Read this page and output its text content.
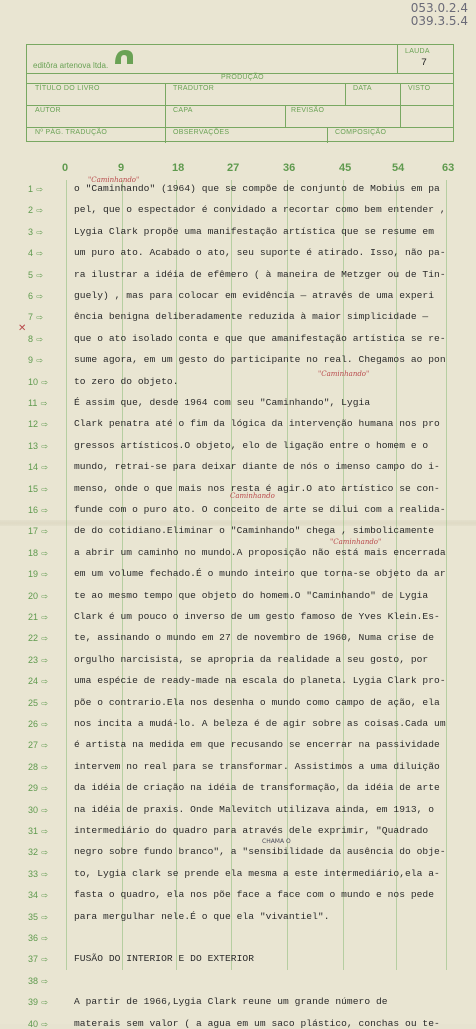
053.0.2.4
039.3.5.4
editôra artenova ltda.
LAUDA
7
PRODUÇÃO
TÍTULO DO LIVRO	TRADUTOR	DATA	VISTO
AUTOR	CAPA	REVISÃO
Nº PÁG. TRADUÇÃO	OBSERVAÇÕES	COMPOSIÇÃO
0	9	18	27	36	45	54	63
1 ⇨
2 ⇨
3 ⇨
4 ⇨
5 ⇨
6 ⇨
7 ⇨
8 ⇨
9 ⇨
10 ⇨
11 ⇨
12 ⇨
13 ⇨
14 ⇨
15 ⇨
16 ⇨
17 ⇨
18 ⇨
19 ⇨
20 ⇨
21 ⇨
22 ⇨
23 ⇨
24 ⇨
25 ⇨
26 ⇨
27 ⇨
28 ⇨
29 ⇨
30 ⇨
31 ⇨
32 ⇨
33 ⇨
34 ⇨
35 ⇨
36 ⇨
37 ⇨
38 ⇨
39 ⇨
40 ⇨
o "Caminhando" (1964) que se compõe de conjunto de Mobius em pa
pel, que o espectador é convidado a recortar como bem entender ,
Lygia Clark propõe uma manifestação artística que se resume em
um puro ato. Acabado o ato, seu suporte é atirado. Isso, não pa-
ra ilustrar a idéia de efêmero ( à maneira de Metzger ou de Tin-
guely) , mas para colocar em evidência — através de uma experi
ência benigna deliberadamente reduzida à maior simplicidade —
que o ato isolado conta e que que amanifestação artística se re-
sume agora, em um gesto do participante no real. Chegamos ao pon
to zero do objeto.
É assim que, desde 1964 com seu "Caminhando", Lygia
Clark penatra até o fim da lógica da intervenção humana nos pro
gressos artísticos.O objeto, elo de ligação entre o homem e o
mundo, retrai-se para deixar diante de nós o imenso campo do i-
menso, onde o que mais nos resta é agir.O ato artístico se con-
funde com o puro ato. O conceito de arte se dilui com a realida-
de do cotidiano.Eliminar o "Caminhando" chega , simbolicamente
a abrir um caminho no mundo.A proposição não está mais encerrada
em um volume fechado.É o mundo inteiro que torna-se objeto da ar
te ao mesmo tempo que objeto do homem.O "Caminhando" de Lygia
Clark é um pouco o inverso de um gesto famoso de Yves Klein.Es-
te, assinando o mundo em 27 de novembro de 1960, Numa crise de
orgulho narcisista, se apropria da realidade a seu gosto, por
uma espécie de ready-made na escala do planeta. Lygia Clark pro-
põe o contrario.Ela nos desenha o mundo como campo de ação, ela
nos incita a mudá-lo. A beleza é de agir sobre as coisas.Cada um
é artista na medida em que recusando se encerrar na passividade
intervem no real para se transformar. Assistimos a uma diluição
da idéia de criação na idéia de transformação, da idéia de arte
na idéia de praxis. Onde Malevitch utilizava ainda, em 1913, o
intermediário do quadro para através dele exprimir, "Quadrado
negro sobre fundo branco", a "sensibilidade da ausência do obje-
to, Lygia clark se prende ela mesma a este intermediário,ela a-
fasta o quadro, ela nos põe face a face com o mundo e nos pede
para mergulhar nele.É o que ela "vivantiel".
FUSÃO DO INTERIOR E DO EXTERIOR
A partir de 1966,Lygia Clark reune um grande número de
materais sem valor ( a agua em um saco plástico, conchas ou te-
✕
"Caminhando"
"Caminhando"
Caminhando
"Caminhando"
CHAMA O
